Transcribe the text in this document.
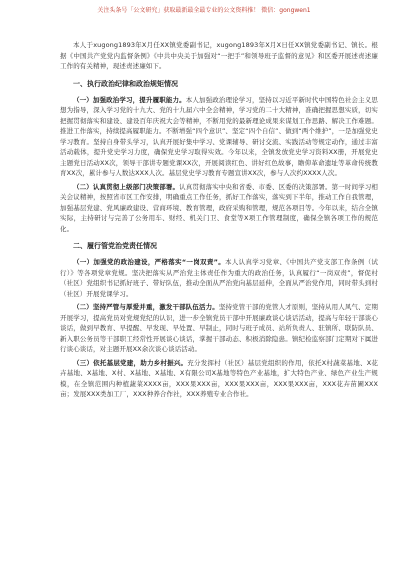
关注头条号「公文研究」获取最新最全最专业的公文资料推！ 微信：gongwen1

本人于xugong1893年X月任XX镇党委副书记，xugong1893年X月X日任XX镇党委副书记、镇长。根据《中国共产党党内监督条例》《中共中央关于加强对“一把手”和领导班子监督的意见》和区委开展述责述廉工作的有关精神，现述责述廉如下。

一、执行政治纪律和政治规矩情况

（一）加强政治学习，提升履职能力。本人加强政治理论学习，坚持以习近平新时代中国特色社会主义思想为指导，深入学习党的十九大、党的十九届六中全会精神，学习党的二十大精神，准确把握思想实质，切实把握贯彻落实和建设、建设百年庆祝大会等精神，不断用党的最新理论成果来谋划工作思路、解决工作难题。推进工作落实，持续提高履职能力。不断增强“四个意识”、坚定“四个自信”、做到“两个维护”，一是加强党史学习教育。坚持自身带头学习，认真开展好集中学习、党课辅导、研讨交流、实践活动等规定动作，通过丰富活动载体，提升党史学习力度，确保党史学习取得实效。今年以来，全镇发放党史学习资料XX册，开展党史主题党日活动XX次，领导干部讲专题党课XX次，开展阅读红色、讲好红色故事，瞻仰革命遗址等革命传统教育XX次，累计参与人数达XXX人次。基层党史学习教育专题宣讲XX次，参与人次约XXXX人次。

（二）认真贯彻上级部门决策部署。认真贯彻落实中央和省委、市委、区委的决策部署。第一时间学习相关会议精神，按照省市区工作安排，明确重点工作任务，抓好工作落实，落实到下半年，推动工作自我管理，加强基层党建、党风廉政建设、营商环境、教育管理，政府采购和管理，规范各项目等。今年以来，结合全镇实际，主持研讨与完善了公务用车、财经、机关门卫、食堂等X项工作管理制度，确保全镇各项工作的规范化。

二、履行管党治党责任情况

（一）加强党的政治建设，严格落实“一岗双责”。本人认真学习党章、《中国共产党支部工作条例（试行）》等各项党章党规。坚决把落实从严治党主体责任作为重大的政治任务，认真履行“一岗双责”，督促村（社区）党组织书记抓好班子、带好队伍，推动全面从严治党向基层延伸，全面从严治党作用，同时带头到村（社区）开展党课学习。

（二）坚持严管与厚爱并重，激发干部队伍活力。坚持党管干部的党管人才原则，坚持从用人风气、定期开展学习，提高党员对党规党纪的认识，进一步全镇党员干部中开展廉政谈心谈话活动，提高与年轻干部谈心谈话，做到早教育、早提醒、早发现、早处置、早制止，同时与班子成员、站所负责人、驻镇所、联防队员、新入职公务员等干部职工经常性开展谈心谈话，掌握干部动态、积极消除隐患。镇纪检监察部门定期对下属进行谈心谈话，对主题开展XX余次谈心谈话活动。

（三）依托基层党建，助力乡村振兴。充分发挥村（社区）基层党组织的作用，依托X村蔬菜基地、X花卉基地、X基地、X村、X基地、X基地、X有限公司X基地等特色产业基地，扩大特色产业、绿色产业生产规模，在全镇范围内种植蔬菜XXXX亩，XXX果XXX亩，XXX果XXX亩，XXX果XXX亩，XXX花卉苗圃XXX亩；发展XXX类加工厂，XXX种养合作社，XXX养殖专业合作社。
